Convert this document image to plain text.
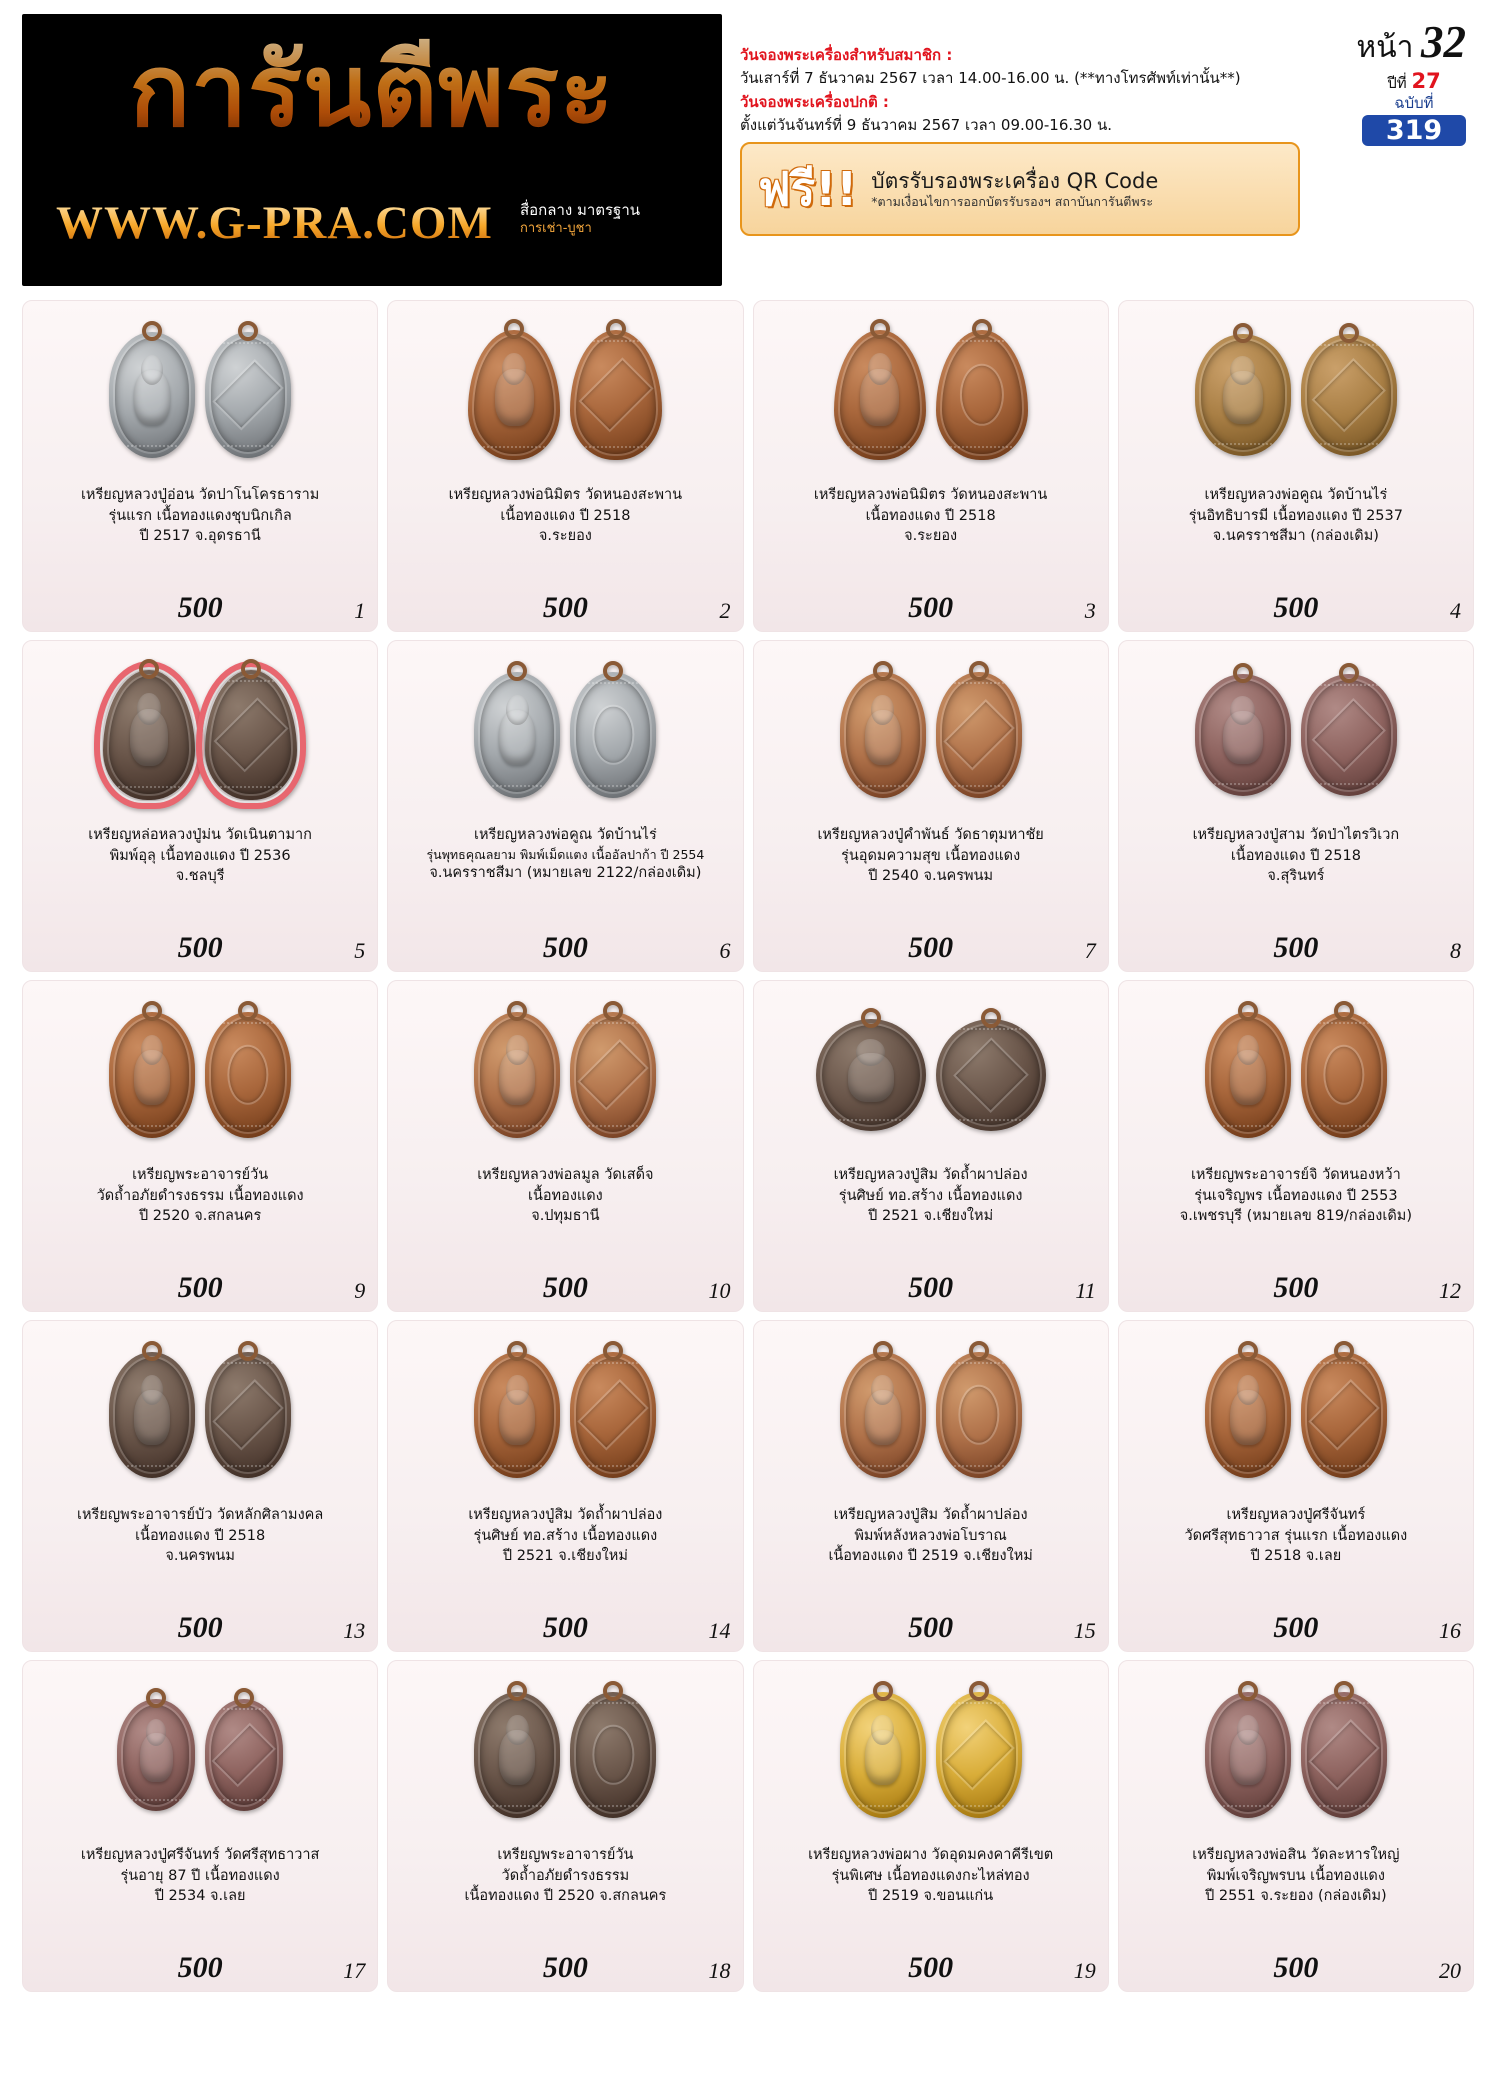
การันตีพระ
WWW.G-PRA.COM สื่อกลาง มาตรฐาน
การเช่า-บูชา
หน้า 32
ปีที่ 27
ฉบับที่
319
วันจองพระเครื่องสำหรับสมาชิก :
วันเสาร์ที่ 7 ธันวาคม 2567 เวลา 14.00-16.00 น. (**ทางโทรศัพท์เท่านั้น**)
วันจองพระเครื่องปกติ :
ตั้งแต่วันจันทร์ที่ 9 ธันวาคม 2567 เวลา 09.00-16.30 น.
ฟรี!! บัตรรับรองพระเครื่อง QR Code
*ตามเงื่อนไขการออกบัตรรับรองฯ สถาบันการันตีพระ
เหรียญหลวงปู่อ่อน วัดปาโนโครธาราม
รุ่นแรก เนื้อทองแดงชุบนิกเกิล
ปี 2517 จ.อุดรธานี
500	1
เหรียญหลวงพ่อนิมิตร วัดหนองสะพาน
เนื้อทองแดง ปี 2518
จ.ระยอง
500	2
เหรียญหลวงพ่อนิมิตร วัดหนองสะพาน
เนื้อทองแดง ปี 2518
จ.ระยอง
500	3
เหรียญหลวงพ่อคูณ วัดบ้านไร่
รุ่นอิทธิบารมี เนื้อทองแดง ปี 2537
จ.นครราชสีมา (กล่องเดิม)
500	4
เหรียญหล่อหลวงปู่ม่น วัดเนินตามาก
พิมพ์อุลุ เนื้อทองแดง ปี 2536
จ.ชลบุรี
500	5
เหรียญหลวงพ่อคูณ วัดบ้านไร่
รุ่นพุทธคุณลยาม พิมพ์เม็ดแตง เนื้ออัลปาก้า ปี 2554
จ.นครราชสีมา (หมายเลข 2122/กล่องเดิม)
500	6
เหรียญหลวงปู่คำพันธ์ วัดธาตุมหาชัย
รุ่นอุดมความสุข เนื้อทองแดง
ปี 2540 จ.นครพนม
500	7
เหรียญหลวงปู่สาม วัดป่าไตรวิเวก
เนื้อทองแดง ปี 2518
จ.สุรินทร์
500	8
เหรียญพระอาจารย์วัน
วัดถ้ำอภัยดำรงธรรม เนื้อทองแดง
ปี 2520 จ.สกลนคร
500	9
เหรียญหลวงพ่อลมูล วัดเสด็จ
เนื้อทองแดง
จ.ปทุมธานี
500	10
เหรียญหลวงปู่สิม วัดถ้ำผาปล่อง
รุ่นศิษย์ ทอ.สร้าง เนื้อทองแดง
ปี 2521 จ.เชียงใหม่
500	11
เหรียญพระอาจารย์จิ วัดหนองหว้า
รุ่นเจริญพร เนื้อทองแดง ปี 2553
จ.เพชรบุรี (หมายเลข 819/กล่องเดิม)
500	12
เหรียญพระอาจารย์บัว วัดหลักศิลามงคล
เนื้อทองแดง ปี 2518
จ.นครพนม
500	13
เหรียญหลวงปู่สิม วัดถ้ำผาปล่อง
รุ่นศิษย์ ทอ.สร้าง เนื้อทองแดง
ปี 2521 จ.เชียงใหม่
500	14
เหรียญหลวงปู่สิม วัดถ้ำผาปล่อง
พิมพ์หลังหลวงพ่อโบราณ
เนื้อทองแดง ปี 2519 จ.เชียงใหม่
500	15
เหรียญหลวงปู่ศรีจันทร์
วัดศรีสุทธาวาส รุ่นแรก เนื้อทองแดง
ปี 2518 จ.เลย
500	16
เหรียญหลวงปู่ศรีจันทร์ วัดศรีสุทธาวาส
รุ่นอายุ 87 ปี เนื้อทองแดง
ปี 2534 จ.เลย
500	17
เหรียญพระอาจารย์วัน
วัดถ้ำอภัยดำรงธรรม
เนื้อทองแดง ปี 2520 จ.สกลนคร
500	18
เหรียญหลวงพ่อผาง วัดอุดมคงคาคีรีเขต
รุ่นพิเศษ เนื้อทองแดงกะไหล่ทอง
ปี 2519 จ.ขอนแก่น
500	19
เหรียญหลวงพ่อสิน วัดละหารใหญ่
พิมพ์เจริญพรบน เนื้อทองแดง
ปี 2551 จ.ระยอง (กล่องเดิม)
500	20
